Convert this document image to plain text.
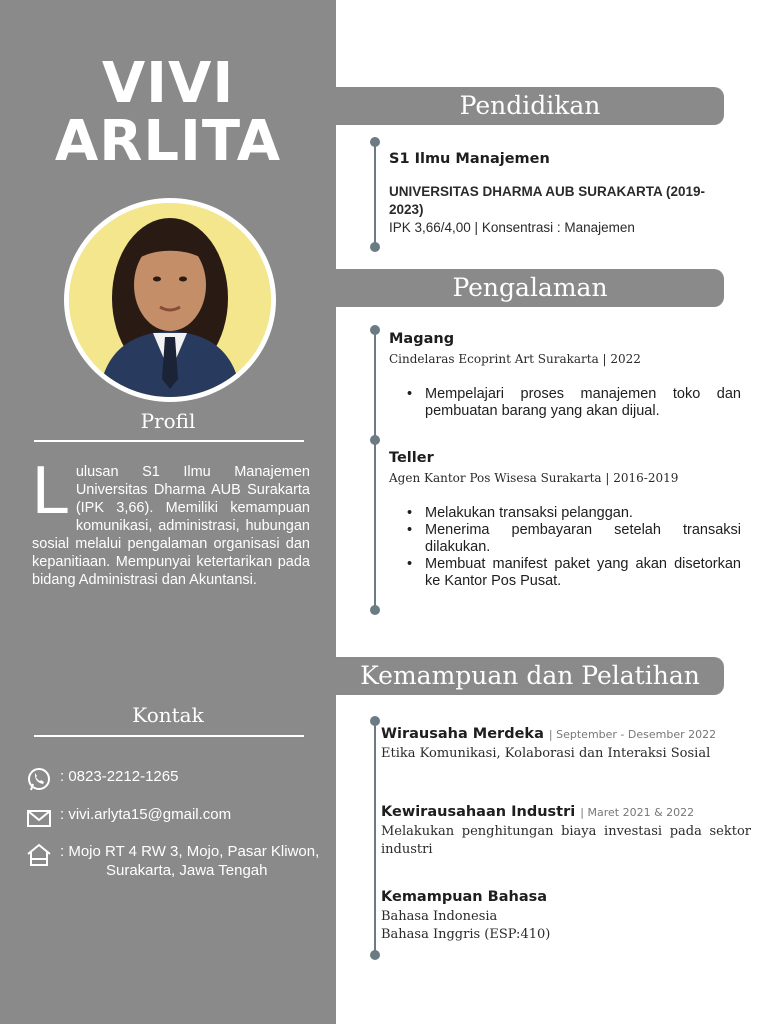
VIVI
ARLITA
Profil
Lulusan S1 Ilmu Manajemen Universitas Dharma AUB Surakarta (IPK 3,66). Memiliki kemampuan komunikasi, administrasi, hubungan sosial melalui pengalaman organisasi dan kepanitiaan. Mempunyai ketertarikan pada bidang Administrasi dan Akuntansi.
Kontak
: 0823-2212-1265
: vivi.arlyta15@gmail.com
: Mojo RT 4 RW 3, Mojo, Pasar Kliwon,
Surakarta, Jawa Tengah
Pendidikan
S1 Ilmu Manajemen
UNIVERSITAS DHARMA AUB SURAKARTA (2019-
2023)
IPK 3,66/4,00 | Konsentrasi : Manajemen
Pengalaman
Magang
Cindelaras Ecoprint Art Surakarta | 2022
• Mempelajari proses manajemen toko dan pembuatan barang yang akan dijual.
Teller
Agen Kantor Pos Wisesa Surakarta | 2016-2019
• Melakukan transaksi pelanggan.
• Menerima pembayaran setelah transaksi dilakukan.
• Membuat manifest paket yang akan disetorkan ke Kantor Pos Pusat.
Kemampuan dan Pelatihan
Wirausaha Merdeka | September - Desember 2022
Etika Komunikasi, Kolaborasi dan Interaksi Sosial
Kewirausahaan Industri | Maret 2021 & 2022
Melakukan penghitungan biaya investasi pada sektor industri
Kemampuan Bahasa
Bahasa Indonesia
Bahasa Inggris (ESP:410)
